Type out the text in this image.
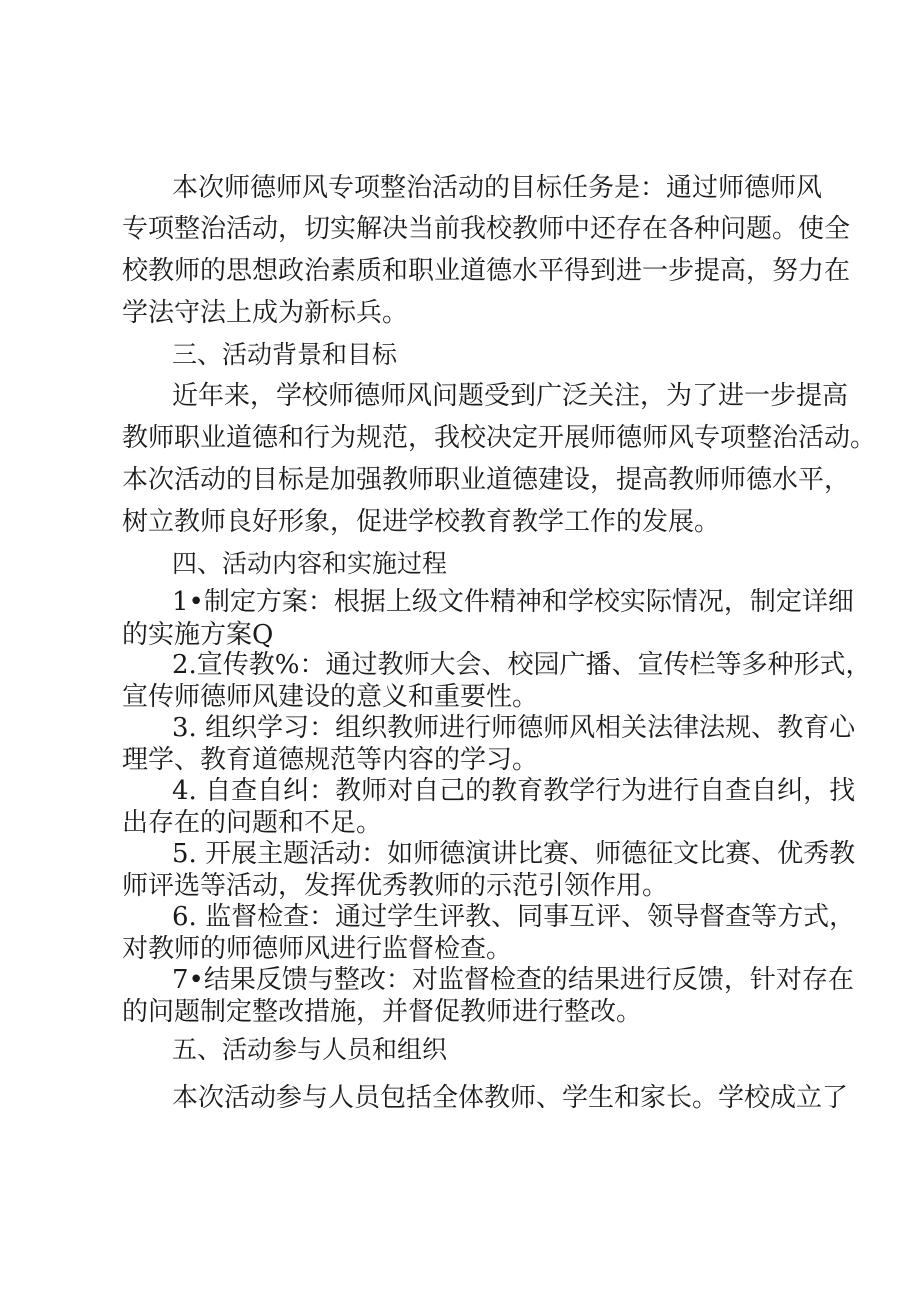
本次师德师风专项整治活动的目标任务是：通过师德师风
专项整治活动，切实解决当前我校教师中还存在各种问题。使全
校教师的思想政治素质和职业道德水平得到进一步提高，努力在
学法守法上成为新标兵。
三、活动背景和目标
近年来，学校师德师风问题受到广泛关注，为了进一步提高
教师职业道德和行为规范，我校决定开展师德师风专项整治活动。
本次活动的目标是加强教师职业道德建设，提高教师师德水平，
树立教师良好形象，促进学校教育教学工作的发展。
四、活动内容和实施过程
1•制定方案：根据上级文件精神和学校实际情况，制定详细
的实施方案Q
2.宣传教%：通过教师大会、校园广播、宣传栏等多种形式，
宣传师德师风建设的意义和重要性。
3. 组织学习：组织教师进行师德师风相关法律法规、教育心
理学、教育道德规范等内容的学习。
4. 自查自纠：教师对自己的教育教学行为进行自查自纠，找
出存在的问题和不足。
5. 开展主题活动：如师德演讲比赛、师德征文比赛、优秀教
师评选等活动，发挥优秀教师的示范引领作用。
6. 监督检查：通过学生评教、同事互评、领导督查等方式，
对教师的师德师风进行监督检查。
7•结果反馈与整改：对监督检查的结果进行反馈，针对存在
的问题制定整改措施，并督促教师进行整改。
五、活动参与人员和组织
本次活动参与人员包括全体教师、学生和家长。学校成立了
